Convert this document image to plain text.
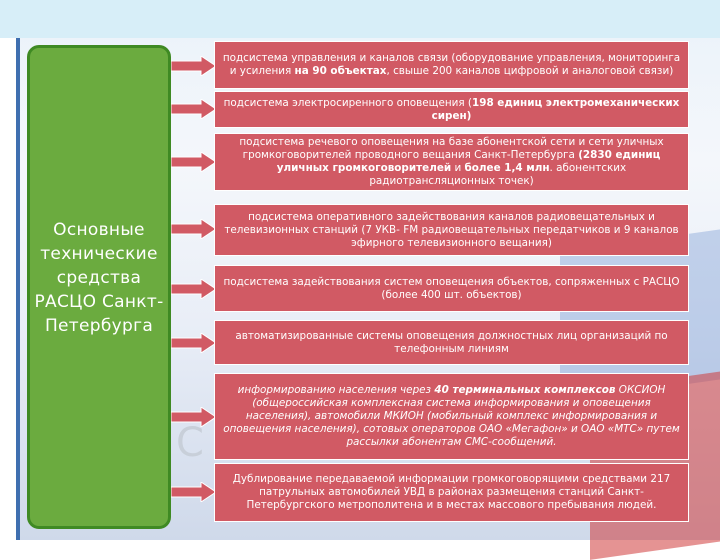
С
Основные технические средства РАСЦО Санкт-Петербурга

подсистема управления и каналов связи (оборудование управления, мониторинга и усиления на 90 объектах, свыше 200 каналов цифровой и аналоговой связи)

подсистема электросиренного оповещения (198 единиц электромеханических сирен)

подсистема речевого оповещения на базе абонентской сети и сети уличных громкоговорителей проводного вещания Санкт-Петербурга (2830 единиц уличных громкоговорителей и более 1,4 млн. абонентских радиотрансляционных точек)

подсистема оперативного задействования каналов радиовещательных и телевизионных станций (7 УКВ- FM радиовещательных передатчиков и 9 каналов эфирного телевизионного вещания)

подсистема задействования систем оповещения объектов, сопряженных с РАСЦО (более 400 шт. объектов)

автоматизированные системы оповещения должностных лиц организаций по телефонным линиям

информированию населения через 40 терминальных комплексов ОКСИОН (общероссийская комплексная система информирования и оповещения населения), автомобили МКИОН (мобильный комплекс информирования и оповещения населения), сотовых операторов ОАО «Мегафон» и ОАО «МТС» путем рассылки абонентам СМС-сообщений.

Дублирование передаваемой информации громкоговорящими средствами 217 патрульных автомобилей УВД в районах размещения станций Санкт-Петербургского метрополитена и в местах массового пребывания людей.
